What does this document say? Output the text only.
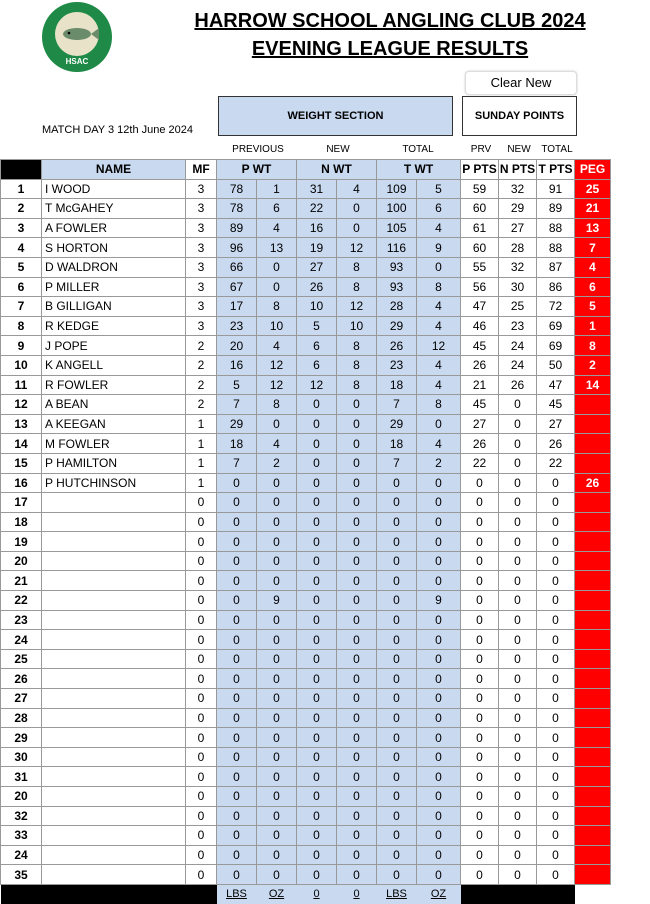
HSAC
HARROW SCHOOL ANGLING CLUB 2024
EVENING LEAGUE RESULTS
Clear New
WEIGHT SECTION	SUNDAY POINTS
MATCH DAY 3 12th June 2024
PREVIOUS	NEW	TOTAL	PRV	NEW	TOTAL
	NAME	MF	P WT		N WT		T WT		P PTS	N PTS	T PTS	PEG
1	I WOOD	3	78	1	31	4	109	5	59	32	91	25
2	T McGAHEY	3	78	6	22	0	100	6	60	29	89	21
3	A FOWLER	3	89	4	16	0	105	4	61	27	88	13
4	S HORTON	3	96	13	19	12	116	9	60	28	88	7
5	D WALDRON	3	66	0	27	8	93	0	55	32	87	4
6	P MILLER	3	67	0	26	8	93	8	56	30	86	6
7	B GILLIGAN	3	17	8	10	12	28	4	47	25	72	5
8	R KEDGE	3	23	10	5	10	29	4	46	23	69	1
9	J POPE	2	20	4	6	8	26	12	45	24	69	8
10	K ANGELL	2	16	12	6	8	23	4	26	24	50	2
11	R FOWLER	2	5	12	12	8	18	4	21	26	47	14
12	A BEAN	2	7	8	0	0	7	8	45	0	45	
13	A KEEGAN	1	29	0	0	0	29	0	27	0	27	
14	M FOWLER	1	18	4	0	0	18	4	26	0	26	
15	P HAMILTON	1	7	2	0	0	7	2	22	0	22	
16	P HUTCHINSON	1	0	0	0	0	0	0	0	0	0	26
17		0	0	0	0	0	0	0	0	0	0	
18		0	0	0	0	0	0	0	0	0	0	
19		0	0	0	0	0	0	0	0	0	0	
20		0	0	0	0	0	0	0	0	0	0	
21		0	0	0	0	0	0	0	0	0	0	
22		0	0	9	0	0	0	9	0	0	0	
23		0	0	0	0	0	0	0	0	0	0	
24		0	0	0	0	0	0	0	0	0	0	
25		0	0	0	0	0	0	0	0	0	0	
26		0	0	0	0	0	0	0	0	0	0	
27		0	0	0	0	0	0	0	0	0	0	
28		0	0	0	0	0	0	0	0	0	0	
29		0	0	0	0	0	0	0	0	0	0	
30		0	0	0	0	0	0	0	0	0	0	
31		0	0	0	0	0	0	0	0	0	0	
20		0	0	0	0	0	0	0	0	0	0	
32		0	0	0	0	0	0	0	0	0	0	
33		0	0	0	0	0	0	0	0	0	0	
24		0	0	0	0	0	0	0	0	0	0	
35		0	0	0	0	0	0	0	0	0	0	
			LBS	OZ	0	0	LBS	OZ				
